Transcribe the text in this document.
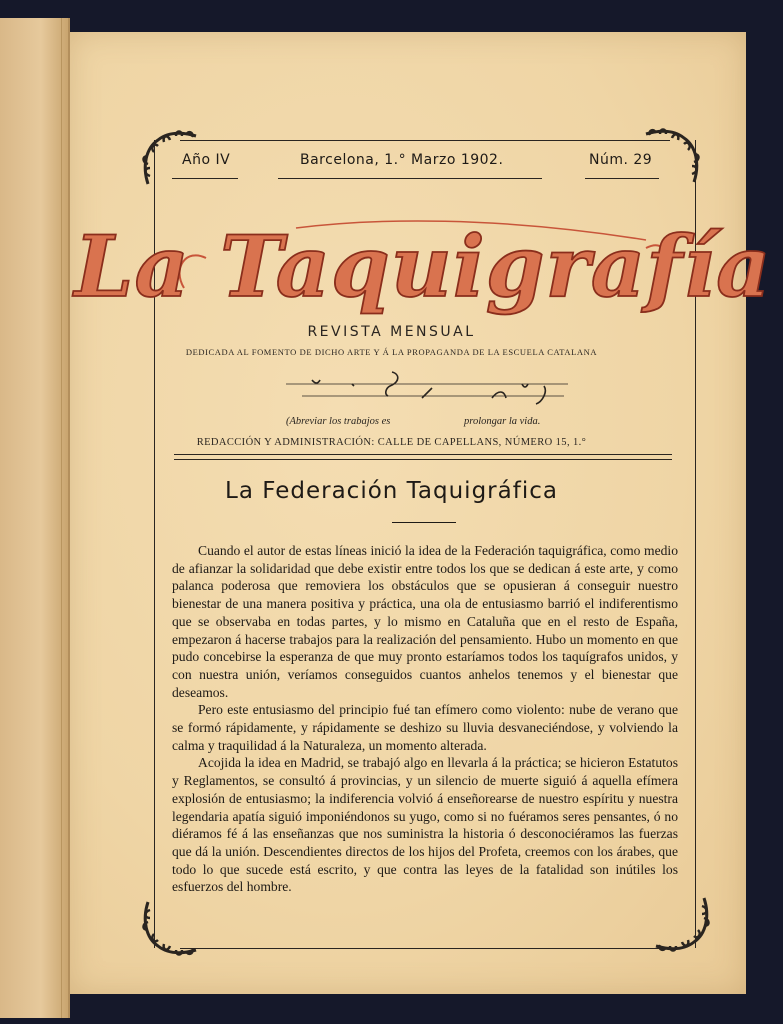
Año IV	Barcelona, 1.° Marzo 1902.	Núm. 29
La Taquigrafía
REVISTA MENSUAL
DEDICADA AL FOMENTO DE DICHO ARTE Y Á LA PROPAGANDA DE LA ESCUELA CATALANA
(Abreviar los trabajos es	prolongar la vida.
REDACCIÓN Y ADMINISTRACIÓN: CALLE DE CAPELLANS, NÚMERO 15, 1.°
La Federación Taquigráfica

Cuando el autor de estas líneas inició la idea de la Federación taquigráfica, como medio de afianzar la solidaridad que debe existir entre todos los que se dedican á este arte, y como palanca poderosa que removiera los obstáculos que se opusieran á conseguir nuestro bienestar de una manera positiva y práctica, una ola de entusiasmo barrió el indiferentismo que se observaba en todas partes, y lo mismo en Cataluña que en el resto de España, empezaron á hacerse trabajos para la realización del pensamiento. Hubo un momento en que pudo concebirse la esperanza de que muy pronto estaríamos todos los taquígrafos unidos, y con nuestra unión, veríamos conseguidos cuantos anhelos tenemos y el bienestar que deseamos.

Pero este entusiasmo del principio fué tan efímero como violento: nube de verano que se formó rápidamente, y rápidamente se deshizo su lluvia desvaneciéndose, y volviendo la calma y traquilidad á la Naturaleza, un momento alterada.

Acojida la idea en Madrid, se trabajó algo en llevarla á la práctica; se hicieron Estatutos y Reglamentos, se consultó á provincias, y un silencio de muerte siguió á aquella efímera explosión de entusiasmo; la indiferencia volvió á enseñorearse de nuestro espíritu y nuestra legendaria apatía siguió imponiéndonos su yugo, como si no fuéramos seres pensantes, ó no diéramos fé á las enseñanzas que nos suministra la historia ó desconociéramos las fuerzas que dá la unión. Descendientes directos de los hijos del Profeta, creemos con los árabes, que todo lo que sucede está escrito, y que contra las leyes de la fatalidad son inútiles los esfuerzos del hombre.
